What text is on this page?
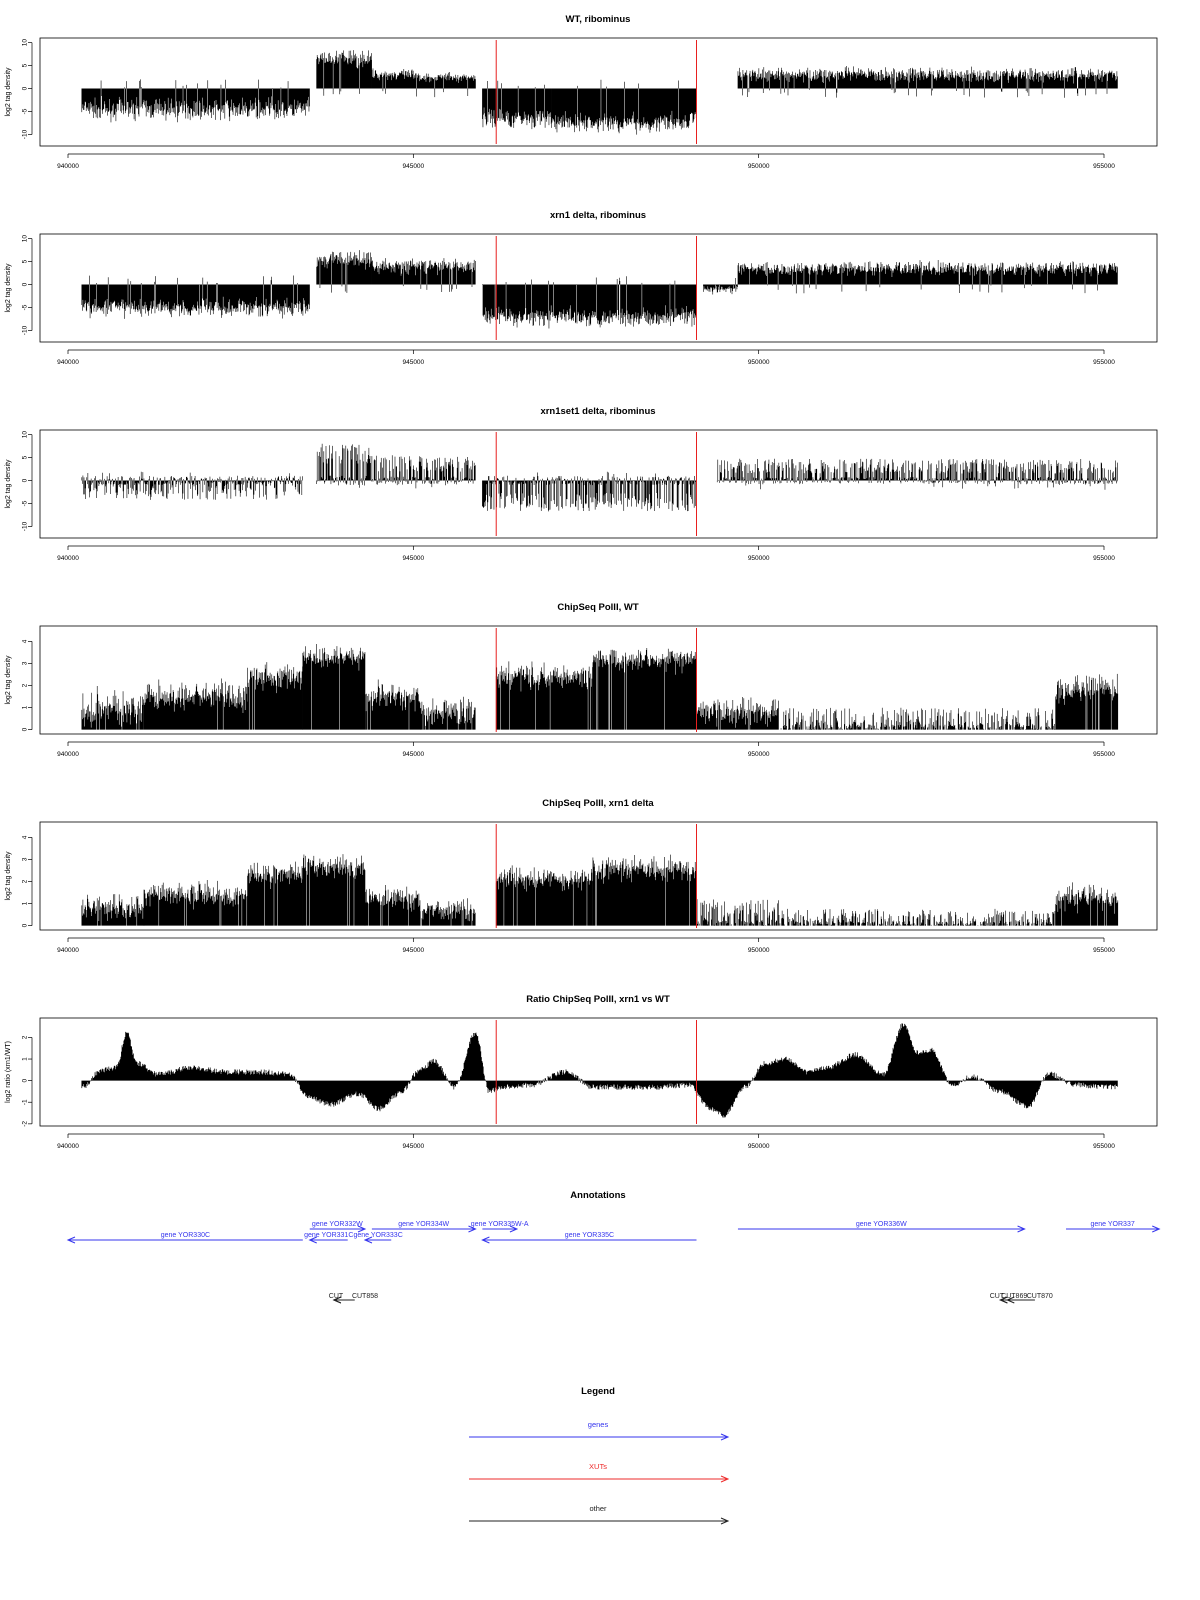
WT, ribominus
log2 tag density
10
5
0
-5
-10
940000	945000	950000	955000
xrn1 delta, ribominus
log2 tag density
10
5
0
-5
-10
940000	945000	950000	955000
xrn1set1 delta, ribominus
log2 tag density
10
5
0
-5
-10
940000	945000	950000	955000
ChipSeq PolII, WT
log2 tag density
0
1
2
3
4
940000	945000	950000	955000
ChipSeq PolII, xrn1 delta
log2 tag density
0
1
2
3
4
940000	945000	950000	955000
Ratio ChipSeq PolII, xrn1 vs WT
log2 ratio (xrn1/WT)
2
1
0
-1
-2
940000	945000	950000	955000
Annotations
gene YOR330C
gene YOR332W
gene YOR331C
gene YOR334W
gene YOR333C
gene YOR335W-A
gene YOR335C
gene YOR336W	gene YOR337
CUT CUT858	CUT
CUT869 CUT870
Legend
genes
XUTs
other
